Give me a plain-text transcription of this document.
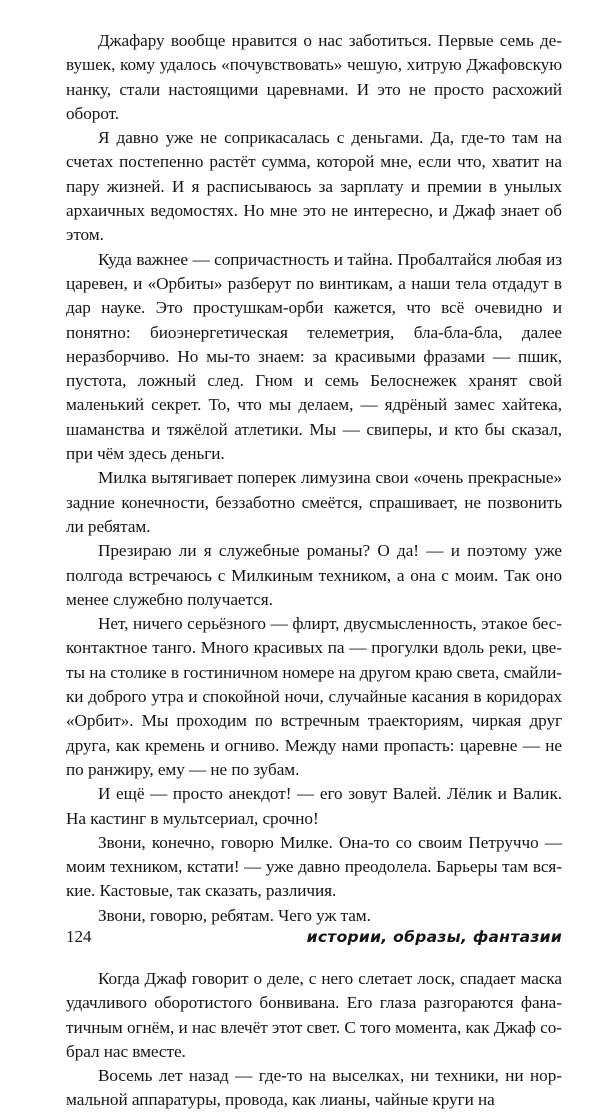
Джафару вообще нравится о нас заботиться. Первые семь девушек, кому удалось «почувствовать» чешую, хитрую Джафовскую нанку, стали настоящими царевнами. И это не просто расхожий оборот.

Я давно уже не соприкасалась с деньгами. Да, где-то там на счетах постепенно растёт сумма, которой мне, если что, хватит на пару жизней. И я расписываюсь за зарплату и премии в унылых архаичных ведомостях. Но мне это не интересно, и Джаф знает об этом.

Куда важнее — сопричастность и тайна. Пробалтайся любая из царевен, и «Орбиты» разберут по винтикам, а наши тела отдадут в дар науке. Это простушкам-орби кажется, что всё очевидно и понятно: биоэнергетическая телеметрия, бла-бла-бла, далее неразборчиво. Но мы-то знаем: за красивыми фразами — пшик, пустота, ложный след. Гном и семь Белоснежек хранят свой маленький секрет. То, что мы делаем, — ядрёный замес хайтека, шаманства и тяжёлой атлетики. Мы — свиперы, и кто бы сказал, при чём здесь деньги.

Милка вытягивает поперек лимузина свои «очень прекрасные» задние конечности, беззаботно смеётся, спрашивает, не позвонить ли ребятам.

Презираю ли я служебные романы? О да! — и поэтому уже полгода встречаюсь с Милкиным техником, а она с моим. Так оно менее служебно получается.

Нет, ничего серьёзного — флирт, двусмысленность, этакое бесконтактное танго. Много красивых па — прогулки вдоль реки, цветы на столике в гостиничном номере на другом краю света, смайлики доброго утра и спокойной ночи, случайные касания в коридорах «Орбит». Мы проходим по встречным траекториям, чиркая друг друга, как кремень и огниво. Между нами пропасть: царевне — не по ранжиру, ему — не по зубам.

И ещё — просто анекдот! — его зовут Валей. Лёлик и Валик. На кастинг в мультсериал, срочно!

Звони, конечно, говорю Милке. Она-то со своим Петруччо — моим техником, кстати! — уже давно преодолела. Барьеры там всякие. Кастовые, так сказать, различия.

Звони, говорю, ребятам. Чего уж там.

Когда Джаф говорит о деле, с него слетает лоск, спадает маска удачливого оборотистого бонвивана. Его глаза разгораются фанатичным огнём, и нас влечёт этот свет. С того момента, как Джаф собрал нас вместе.

Восемь лет назад — где-то на выселках, ни техники, ни нормальной аппаратуры, провода, как лианы, чайные круги на

124	истории, образы, фантазии
